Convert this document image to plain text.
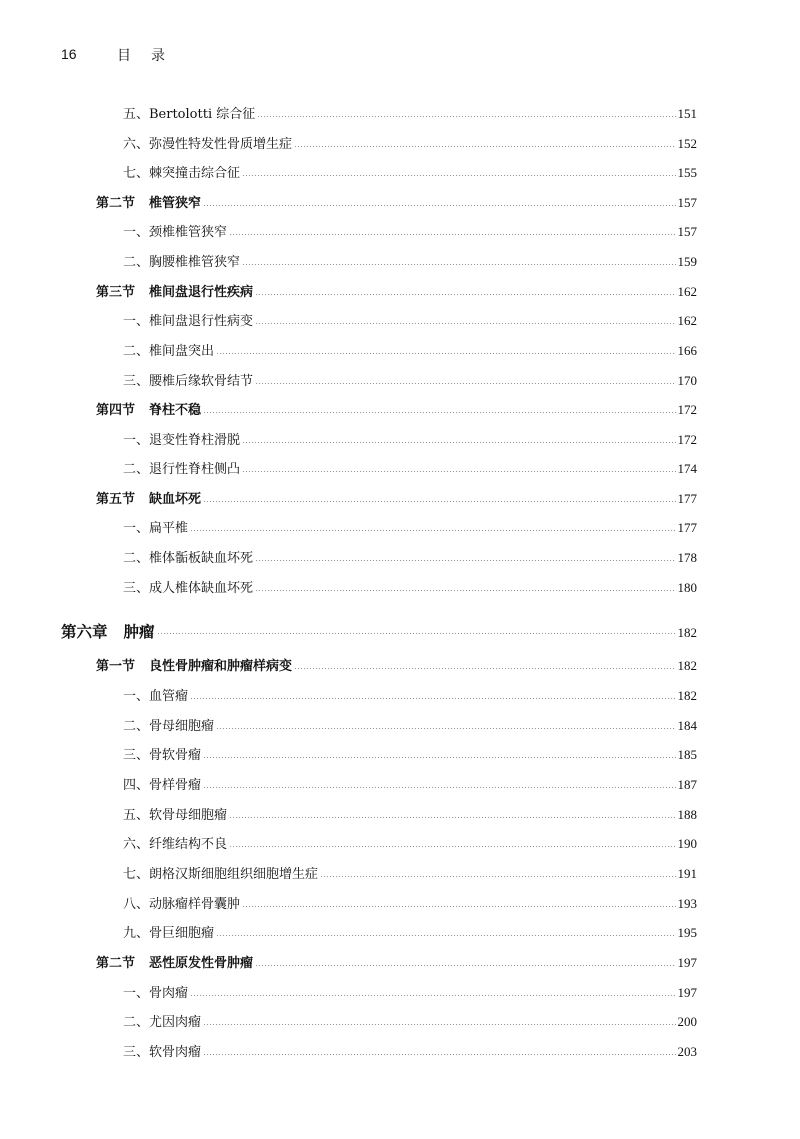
16	目录
五、Bertolotti 综合征	151
六、弥漫性特发性骨质增生症	152
七、棘突撞击综合征	155
第二节 椎管狭窄	157
一、颈椎椎管狭窄	157
二、胸腰椎椎管狭窄	159
第三节 椎间盘退行性疾病	162
一、椎间盘退行性病变	162
二、椎间盘突出	166
三、腰椎后缘软骨结节	170
第四节 脊柱不稳	172
一、退变性脊柱滑脱	172
二、退行性脊柱侧凸	174
第五节 缺血坏死	177
一、扁平椎	177
二、椎体骺板缺血坏死	178
三、成人椎体缺血坏死	180
第六章 肿瘤	182
第一节 良性骨肿瘤和肿瘤样病变	182
一、血管瘤	182
二、骨母细胞瘤	184
三、骨软骨瘤	185
四、骨样骨瘤	187
五、软骨母细胞瘤	188
六、纤维结构不良	190
七、朗格汉斯细胞组织细胞增生症	191
八、动脉瘤样骨囊肿	193
九、骨巨细胞瘤	195
第二节 恶性原发性骨肿瘤	197
一、骨肉瘤	197
二、尤因肉瘤	200
三、软骨肉瘤	203
